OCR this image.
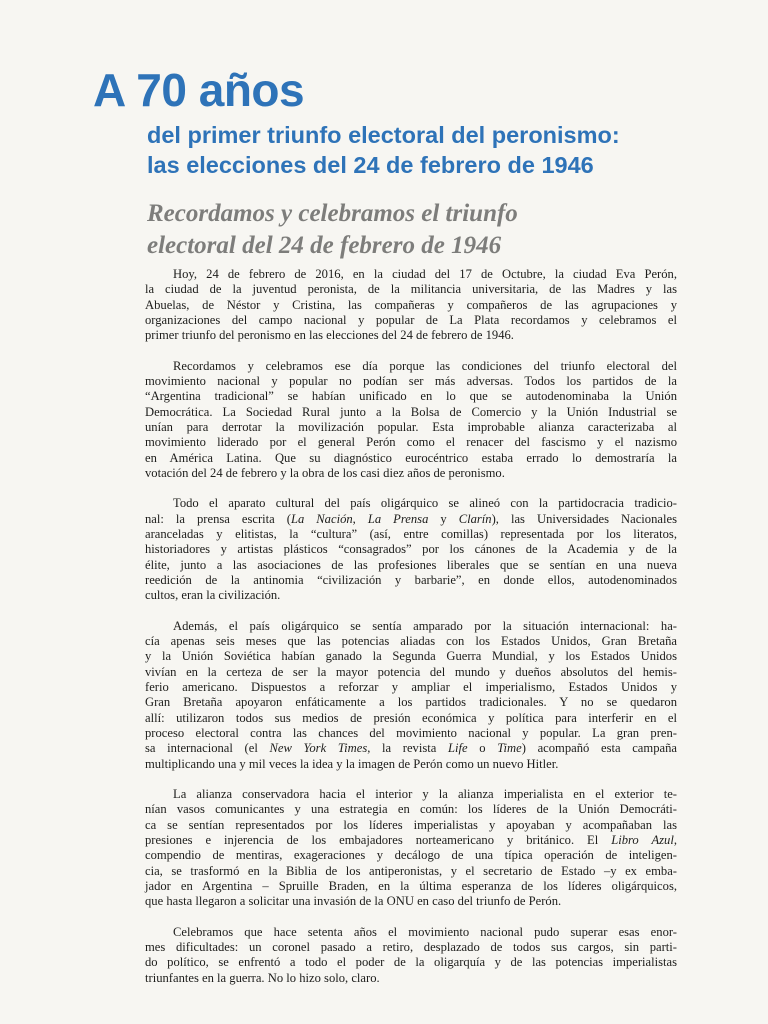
A 70 años
del primer triunfo electoral del peronismo:
las elecciones del 24 de febrero de 1946
Recordamos y celebramos el triunfo
electoral del 24 de febrero de 1946

Hoy, 24 de febrero de 2016, en la ciudad del 17 de Octubre, la ciudad Eva Perón,
la ciudad de la juventud peronista, de la militancia universitaria, de las Madres y las
Abuelas, de Néstor y Cristina, las compañeras y compañeros de las agrupaciones y
organizaciones del campo nacional y popular de La Plata recordamos y celebramos el
primer triunfo del peronismo en las elecciones del 24 de febrero de 1946.

Recordamos y celebramos ese día porque las condiciones del triunfo electoral del
movimiento nacional y popular no podían ser más adversas. Todos los partidos de la
“Argentina tradicional” se habían unificado en lo que se autodenominaba la Unión
Democrática. La Sociedad Rural junto a la Bolsa de Comercio y la Unión Industrial se
unían para derrotar la movilización popular. Esta improbable alianza caracterizaba al
movimiento liderado por el general Perón como el renacer del fascismo y el nazismo
en América Latina. Que su diagnóstico eurocéntrico estaba errado lo demostraría la
votación del 24 de febrero y la obra de los casi diez años de peronismo.

Todo el aparato cultural del país oligárquico se alineó con la partidocracia tradicio-
nal: la prensa escrita (La Nación, La Prensa y Clarín), las Universidades Nacionales
aranceladas y elitistas, la “cultura” (así, entre comillas) representada por los literatos,
historiadores y artistas plásticos “consagrados” por los cánones de la Academia y de la
élite, junto a las asociaciones de las profesiones liberales que se sentían en una nueva
reedición de la antinomia “civilización y barbarie”, en donde ellos, autodenominados
cultos, eran la civilización.

Además, el país oligárquico se sentía amparado por la situación internacional: ha-
cía apenas seis meses que las potencias aliadas con los Estados Unidos, Gran Bretaña
y la Unión Soviética habían ganado la Segunda Guerra Mundial, y los Estados Unidos
vivían en la certeza de ser la mayor potencia del mundo y dueños absolutos del hemis-
ferio americano. Dispuestos a reforzar y ampliar el imperialismo, Estados Unidos y
Gran Bretaña apoyaron enfáticamente a los partidos tradicionales. Y no se quedaron
allí: utilizaron todos sus medios de presión económica y política para interferir en el
proceso electoral contra las chances del movimiento nacional y popular. La gran pren-
sa internacional (el New York Times, la revista Life o Time) acompañó esta campaña
multiplicando una y mil veces la idea y la imagen de Perón como un nuevo Hitler.

La alianza conservadora hacia el interior y la alianza imperialista en el exterior te-
nían vasos comunicantes y una estrategia en común: los líderes de la Unión Democráti-
ca se sentían representados por los líderes imperialistas y apoyaban y acompañaban las
presiones e injerencia de los embajadores norteamericano y británico. El Libro Azul,
compendio de mentiras, exageraciones y decálogo de una típica operación de inteligen-
cia, se trasformó en la Biblia de los antiperonistas, y el secretario de Estado –y ex emba-
jador en Argentina – Spruille Braden, en la última esperanza de los líderes oligárquicos,
que hasta llegaron a solicitar una invasión de la ONU en caso del triunfo de Perón.

Celebramos que hace setenta años el movimiento nacional pudo superar esas enor-
mes dificultades: un coronel pasado a retiro, desplazado de todos sus cargos, sin parti-
do político, se enfrentó a todo el poder de la oligarquía y de las potencias imperialistas
triunfantes en la guerra. No lo hizo solo, claro.
